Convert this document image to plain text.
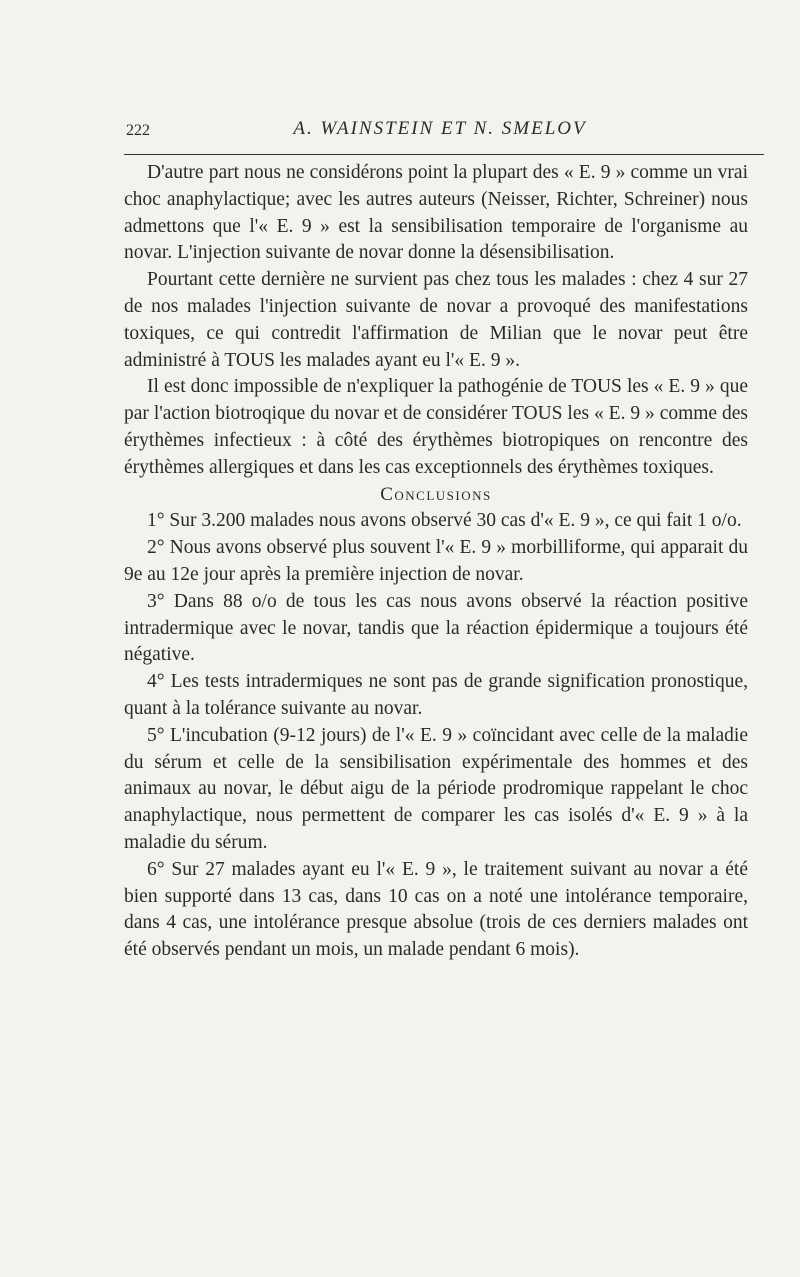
222	A. WAINSTEIN ET N. SMELOV

D'autre part nous ne considérons point la plupart des « E. 9 » comme un vrai choc anaphylactique; avec les autres auteurs (Neisser, Richter, Schreiner) nous admettons que l'« E. 9 » est la sensibilisation temporaire de l'organisme au novar. L'injection suivante de novar donne la désensibilisation.

Pourtant cette dernière ne survient pas chez tous les malades : chez 4 sur 27 de nos malades l'injection suivante de novar a provoqué des manifestations toxiques, ce qui contredit l'affirmation de Milian que le novar peut être administré à TOUS les malades ayant eu l'« E. 9 ».

Il est donc impossible de n'expliquer la pathogénie de TOUS les « E. 9 » que par l'action biotroqique du novar et de considérer TOUS les « E. 9 » comme des érythèmes infectieux : à côté des érythèmes biotropiques on rencontre des érythèmes allergiques et dans les cas exceptionnels des érythèmes toxiques.

Conclusions

1° Sur 3.200 malades nous avons observé 30 cas d'« E. 9 », ce qui fait 1 o/o.

2° Nous avons observé plus souvent l'« E. 9 » morbilliforme, qui apparait du 9e au 12e jour après la première injection de novar.

3° Dans 88 o/o de tous les cas nous avons observé la réaction positive intradermique avec le novar, tandis que la réaction épidermique a toujours été négative.

4° Les tests intradermiques ne sont pas de grande signification pronostique, quant à la tolérance suivante au novar.

5° L'incubation (9-12 jours) de l'« E. 9 » coïncidant avec celle de la maladie du sérum et celle de la sensibilisation expérimentale des hommes et des animaux au novar, le début aigu de la période prodromique rappelant le choc anaphylactique, nous permettent de comparer les cas isolés d'« E. 9 » à la maladie du sérum.

6° Sur 27 malades ayant eu l'« E. 9 », le traitement suivant au novar a été bien supporté dans 13 cas, dans 10 cas on a noté une intolérance temporaire, dans 4 cas, une intolérance presque absolue (trois de ces derniers malades ont été observés pendant un mois, un malade pendant 6 mois).
